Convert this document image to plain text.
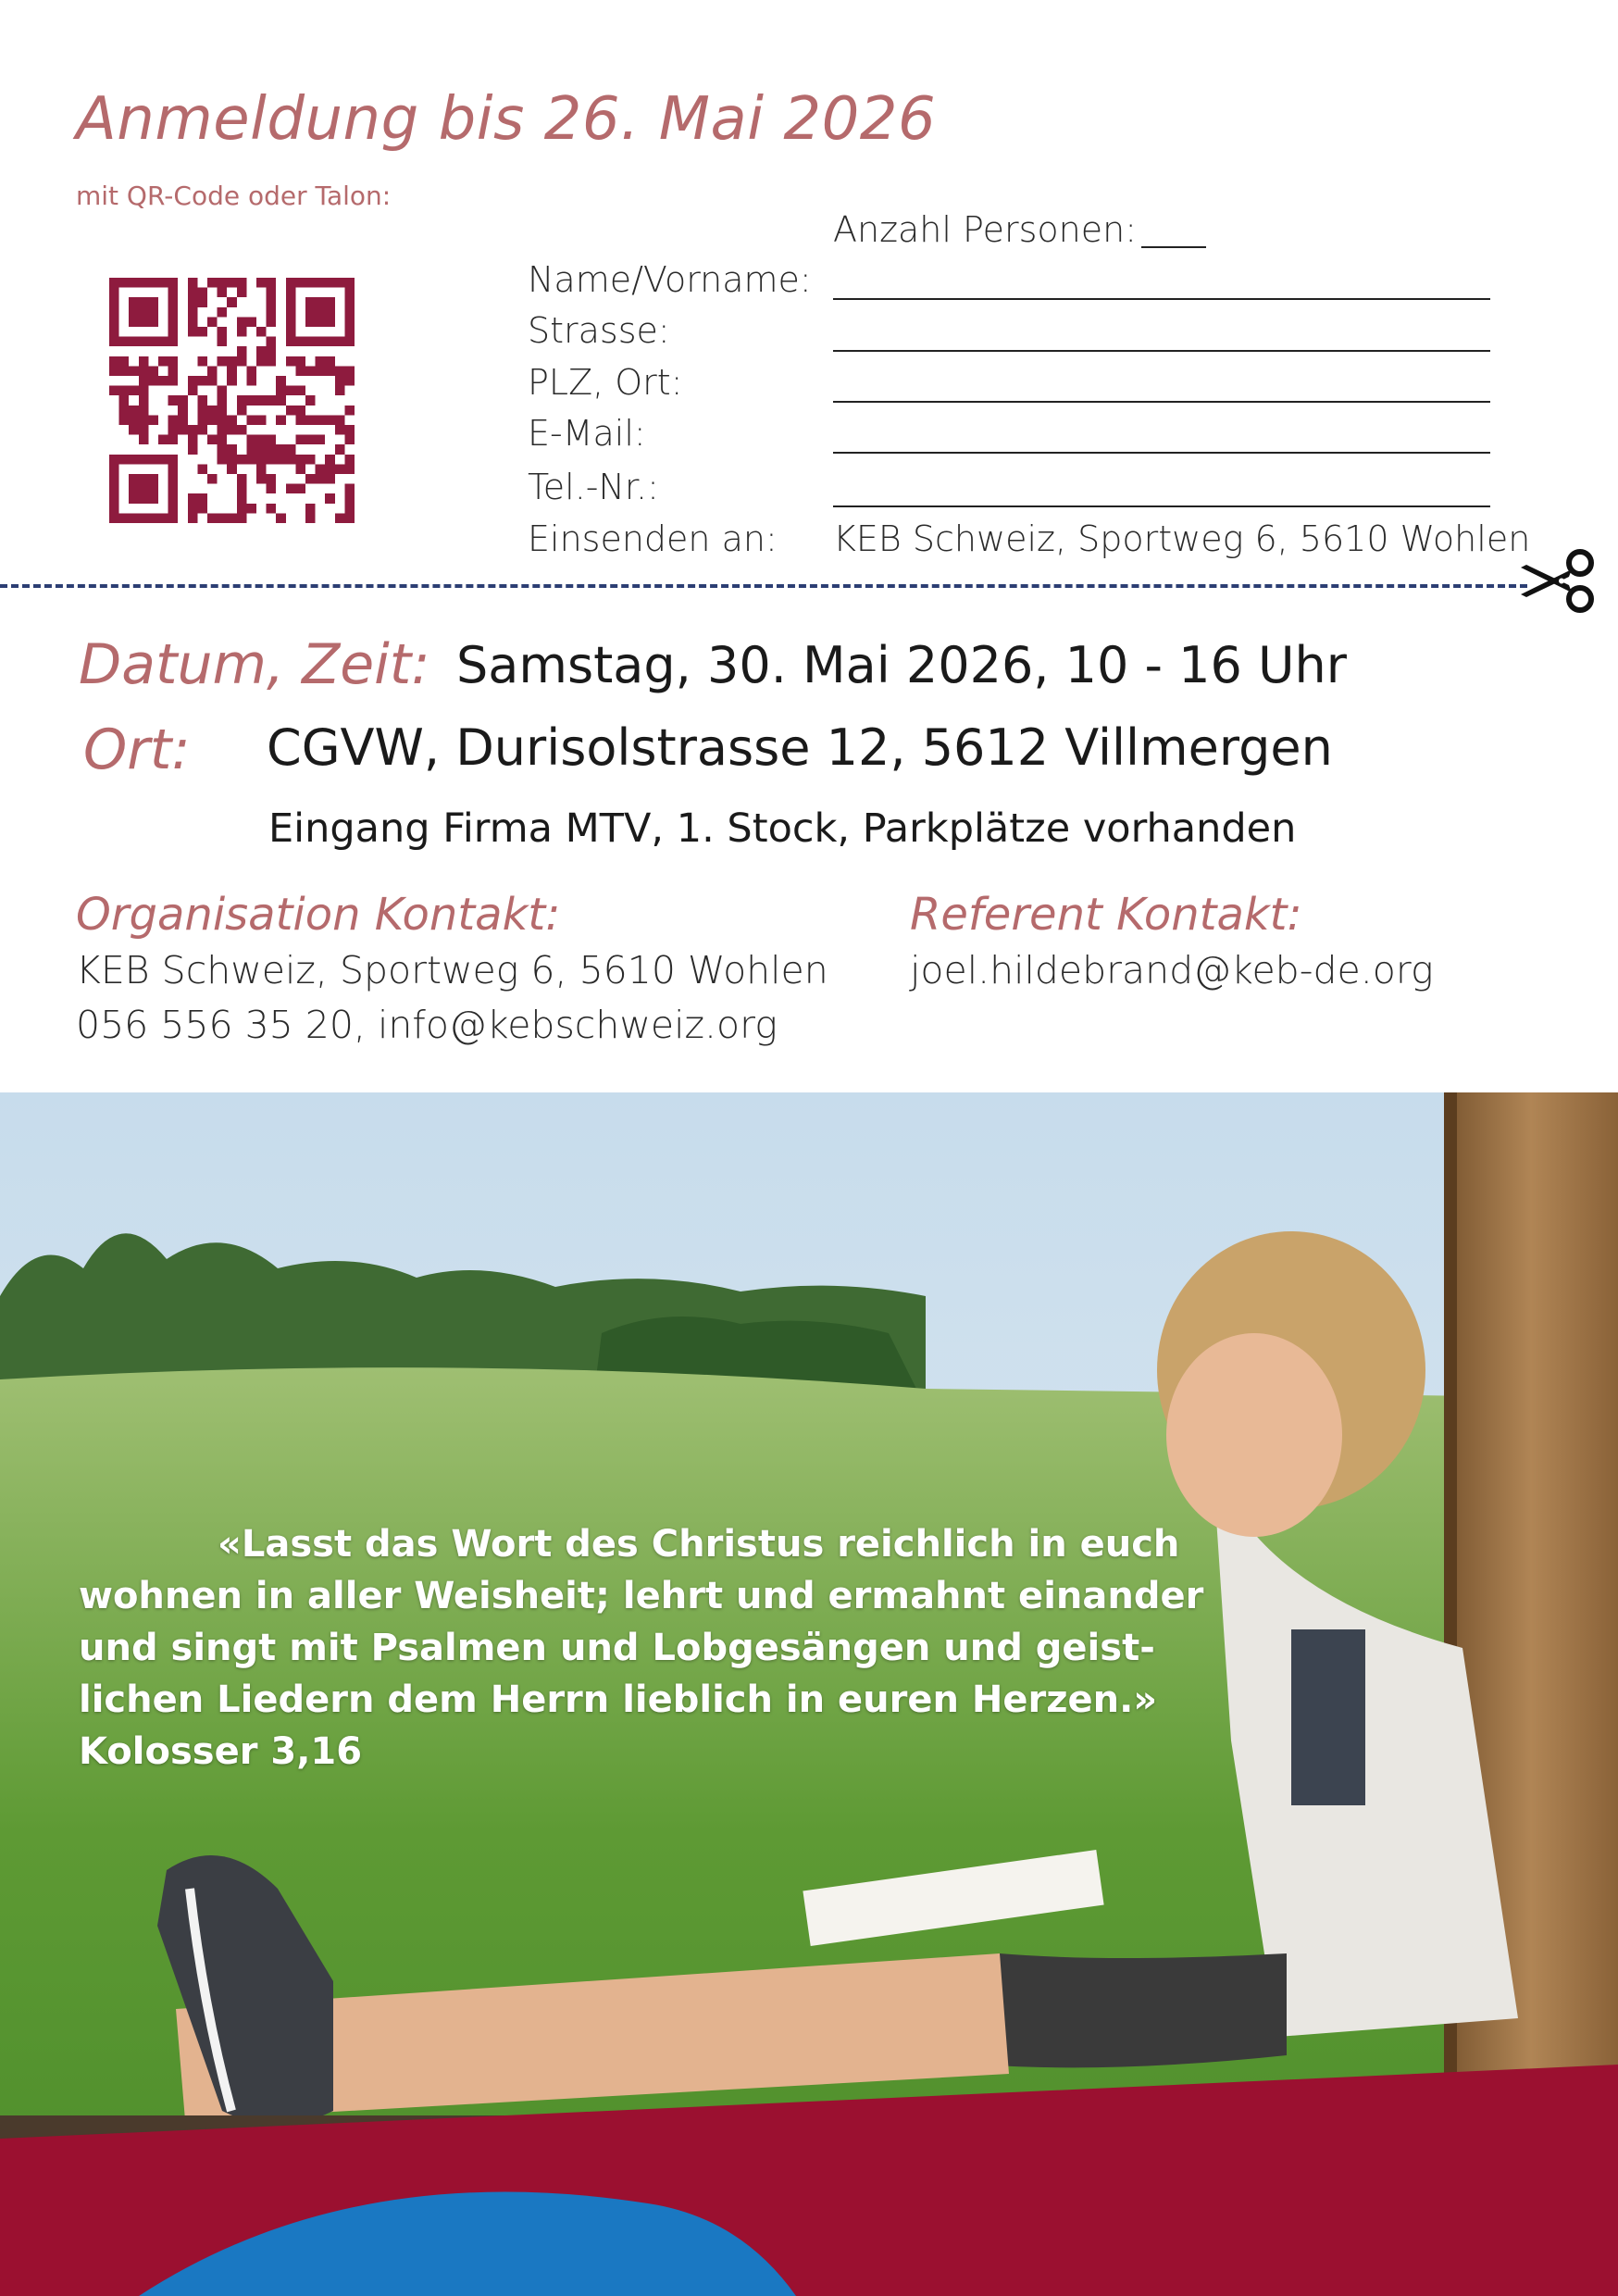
Anmeldung bis 26. Mai 2026
mit QR-Code oder Talon:
Anzahl Personen:
Name/Vorname:
Strasse:
PLZ, Ort:
E-Mail:
Tel.-Nr.:
Einsenden an: KEB Schweiz, Sportweg 6, 5610 Wohlen
Datum, Zeit: Samstag, 30. Mai 2026, 10 - 16 Uhr
Ort: CGVW, Durisolstrasse 12, 5612 Villmergen
Eingang Firma MTV, 1. Stock, Parkplätze vorhanden
Organisation Kontakt:
KEB Schweiz, Sportweg 6, 5610 Wohlen
056 556 35 20, info@kebschweiz.org
Referent Kontakt:
joel.hildebrand@keb-de.org
«Lasst das Wort des Christus reichlich in euch
wohnen in aller Weisheit; lehrt und ermahnt einander
und singt mit Psalmen und Lobgesängen und geist-
lichen Liedern dem Herrn lieblich in euren Herzen.»
Kolosser 3,16
